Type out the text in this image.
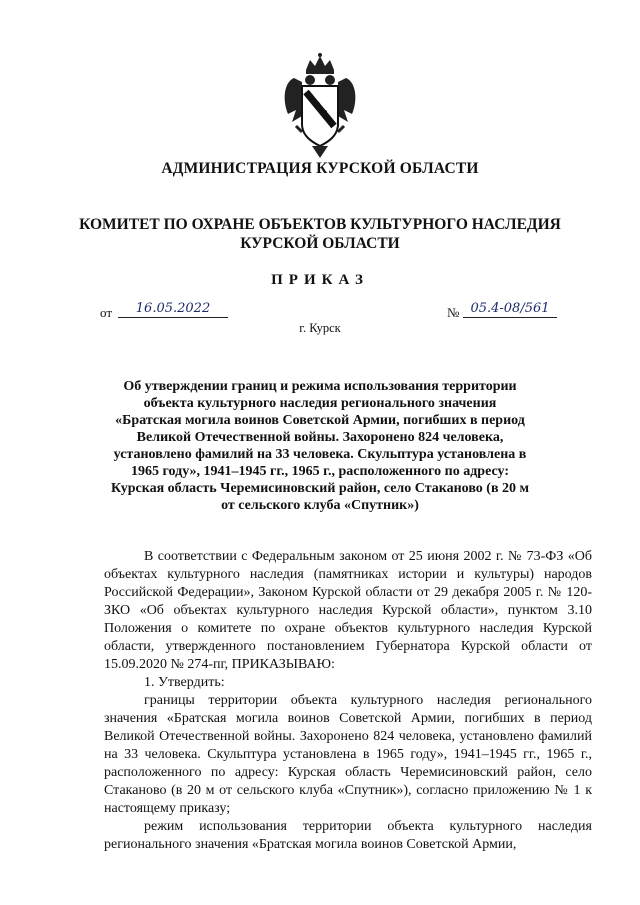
АДМИНИСТРАЦИЯ КУРСКОЙ ОБЛАСТИ
КОМИТЕТ ПО ОХРАНЕ ОБЪЕКТОВ КУЛЬТУРНОГО НАСЛЕДИЯ КУРСКОЙ ОБЛАСТИ
ПРИКАЗ
от	16.05.2022	№ 05.4-08/561
г. Курск
Об утверждении границ и режима использования территории объекта культурного наследия регионального значения «Братская могила воинов Советской Армии, погибших в период Великой Отечественной войны. Захоронено 824 человека, установлено фамилий на 33 человека. Скульптура установлена в 1965 году», 1941–1945 гг., 1965 г., расположенного по адресу: Курская область Черемисиновский район, село Стаканово (в 20 м от сельского клуба «Спутник»)

В соответствии с Федеральным законом от 25 июня 2002 г. № 73-ФЗ «Об объектах культурного наследия (памятниках истории и культуры) народов Российской Федерации», Законом Курской области от 29 декабря 2005 г. № 120-ЗКО «Об объектах культурного наследия Курской области», пунктом 3.10 Положения о комитете по охране объектов культурного наследия Курской области, утвержденного постановлением Губернатора Курской области от 15.09.2020 № 274-пг, ПРИКАЗЫВАЮ:

1. Утвердить:

границы территории объекта культурного наследия регионального значения «Братская могила воинов Советской Армии, погибших в период Великой Отечественной войны. Захоронено 824 человека, установлено фамилий на 33 человека. Скульптура установлена в 1965 году», 1941–1945 гг., 1965 г., расположенного по адресу: Курская область Черемисиновский район, село Стаканово (в 20 м от сельского клуба «Спутник»), согласно приложению № 1 к настоящему приказу;

режим использования территории объекта культурного наследия регионального значения «Братская могила воинов Советской Армии,
